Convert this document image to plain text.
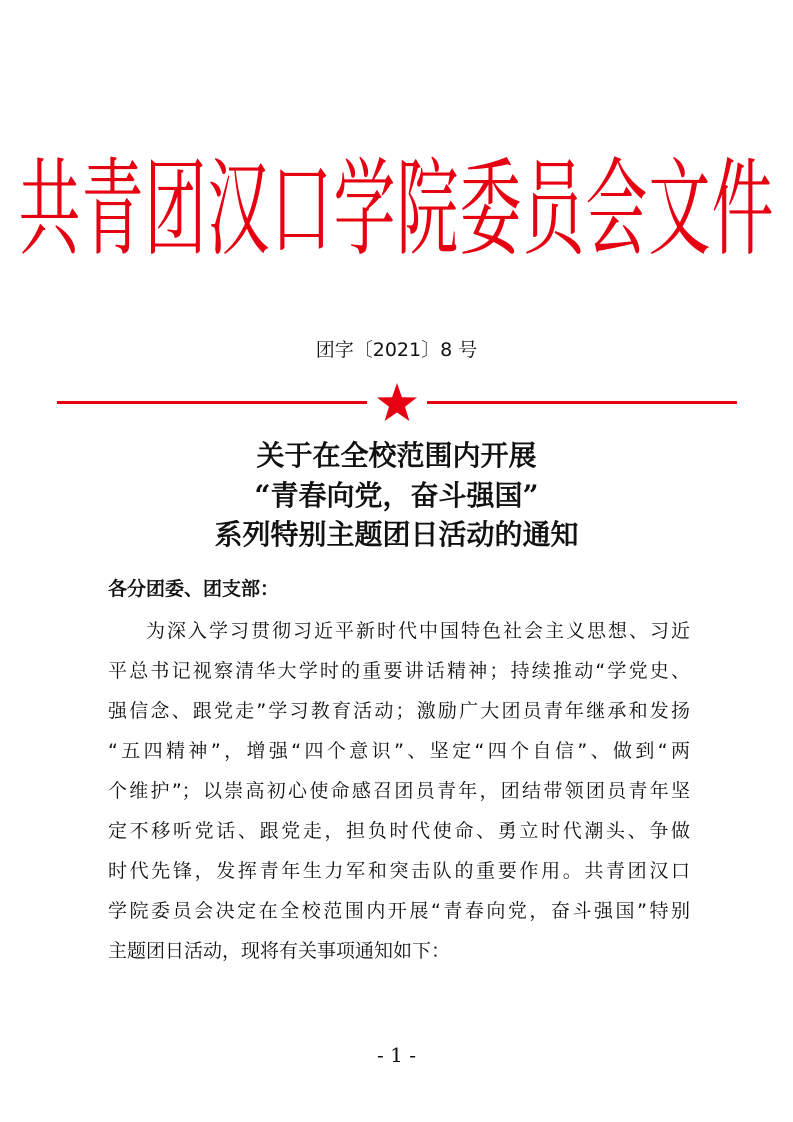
共青团汉口学院委员会文件
团字〔2021〕8 号
关于在全校范围内开展
“青春向党，奋斗强国”
系列特别主题团日活动的通知
各分团委、团支部：
为深入学习贯彻习近平新时代中国特色社会主义思想、习近
平总书记视察清华大学时的重要讲话精神；持续推动“学党史、
强信念、跟党走”学习教育活动；激励广大团员青年继承和发扬
“五四精神”，增强“四个意识”、坚定“四个自信”、做到“两
个维护”；以崇高初心使命感召团员青年，团结带领团员青年坚
定不移听党话、跟党走，担负时代使命、勇立时代潮头、争做
时代先锋，发挥青年生力军和突击队的重要作用。共青团汉口
学院委员会决定在全校范围内开展“青春向党，奋斗强国”特别
主题团日活动，现将有关事项通知如下：
- 1 -
